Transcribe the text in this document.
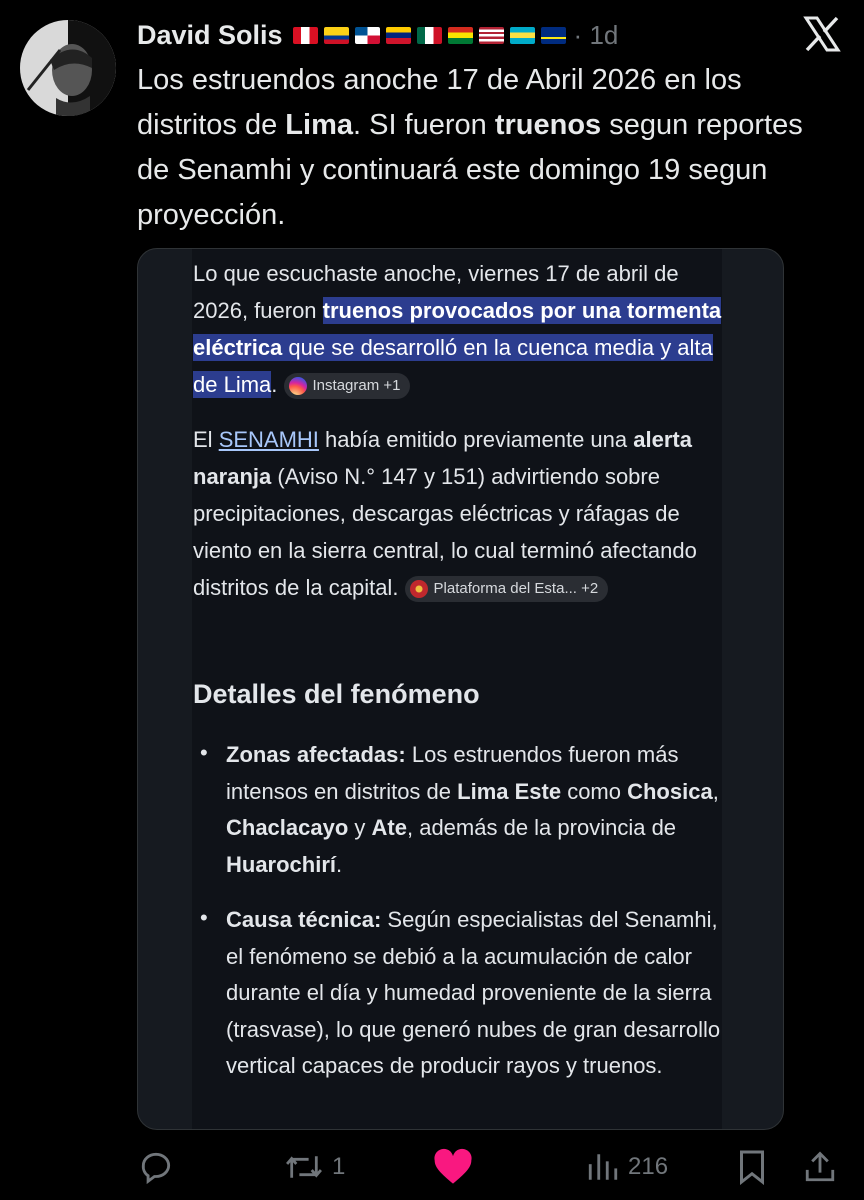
David Solis	· 1d

Los estruendos anoche 17 de Abril 2026 en los distritos de Lima. SI fueron truenos segun reportes de Senamhi y continuará este domingo 19 segun proyección.

Lo que escuchaste anoche, viernes 17 de abril de 2026, fueron truenos provocados por una tormenta eléctrica que se desarrolló en la cuenca media y alta de Lima. Instagram +1

El SENAMHI había emitido previamente una alerta naranja (Aviso N.° 147 y 151) advirtiendo sobre precipitaciones, descargas eléctricas y ráfagas de viento en la sierra central, lo cual terminó afectando distritos de la capital. Plataforma del Esta... +2

Detalles del fenómeno
• Zonas afectadas: Los estruendos fueron más intensos en distritos de Lima Este como Chosica, Chaclacayo y Ate, además de la provincia de Huarochirí.

• Causa técnica: Según especialistas del Senamhi, el fenómeno se debió a la acumulación de calor durante el día y humedad proveniente de la sierra (trasvase), lo que generó nubes de gran desarrollo vertical capaces de producir rayos y truenos.

1	216
